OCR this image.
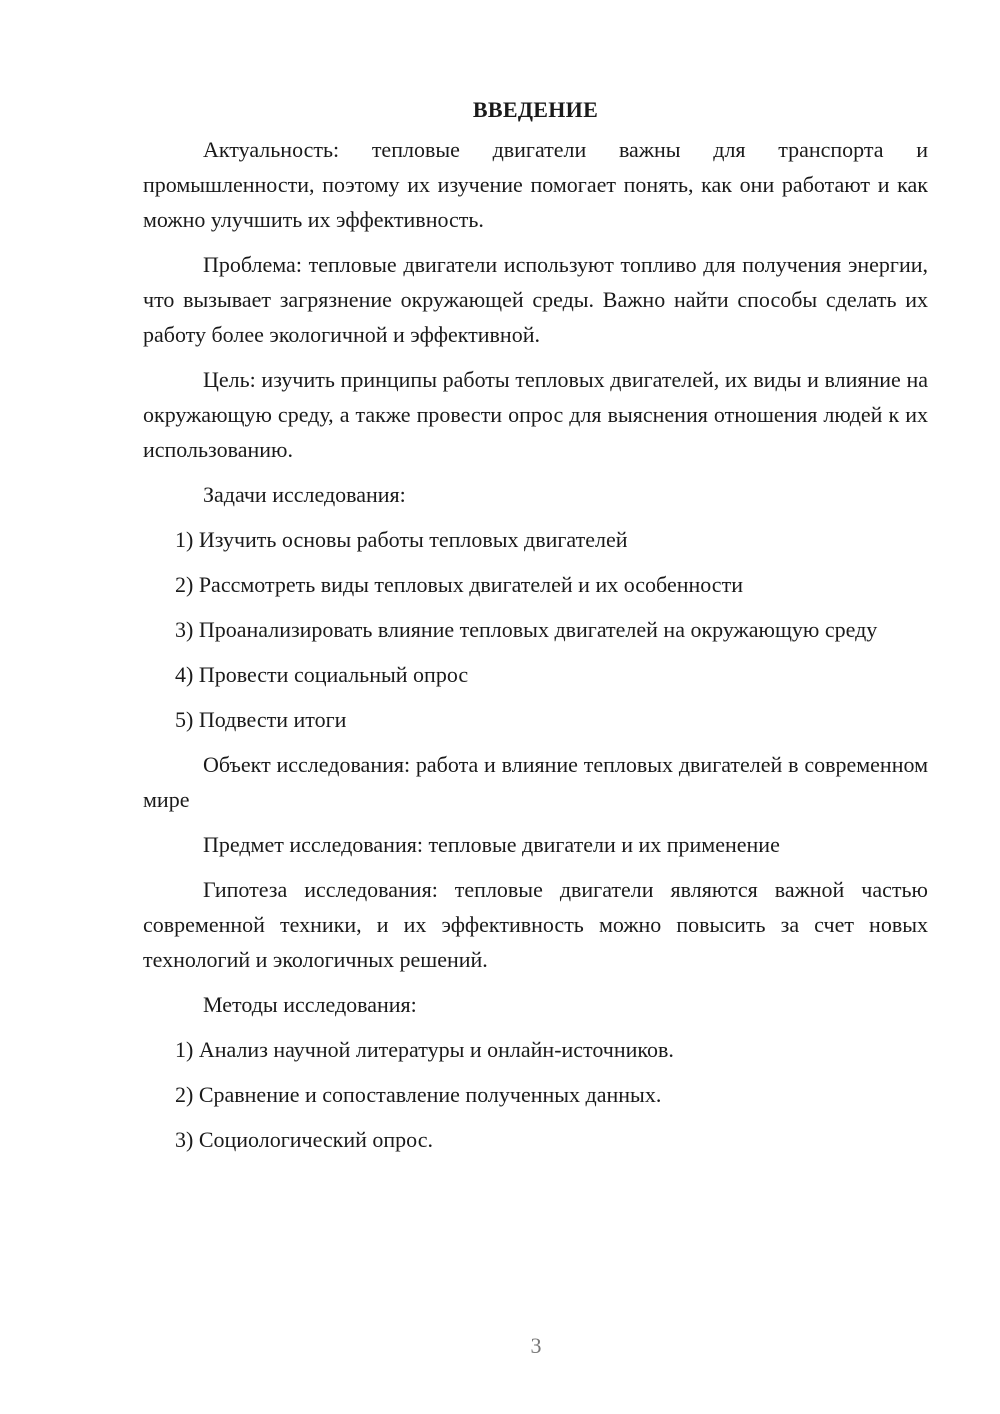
ВВЕДЕНИЕ

Актуальность: тепловые двигатели важны для транспорта и промышленности, поэтому их изучение помогает понять, как они работают и как можно улучшить их эффективность.

Проблема: тепловые двигатели используют топливо для получения энергии, что вызывает загрязнение окружающей среды. Важно найти способы сделать их работу более экологичной и эффективной.

Цель: изучить принципы работы тепловых двигателей, их виды и влияние на окружающую среду, а также провести опрос для выяснения отношения людей к их использованию.

Задачи исследования:

1) Изучить основы работы тепловых двигателей

2) Рассмотреть виды тепловых двигателей и их особенности

3) Проанализировать влияние тепловых двигателей на окружающую среду

4) Провести социальный опрос

5) Подвести итоги

Объект исследования: работа и влияние тепловых двигателей в современном мире

Предмет исследования: тепловые двигатели и их применение

Гипотеза исследования: тепловые двигатели являются важной частью современной техники, и их эффективность можно повысить за счет новых технологий и экологичных решений.

Методы исследования:

1) Анализ научной литературы и онлайн-источников.

2) Сравнение и сопоставление полученных данных.

3) Социологический опрос.

3
